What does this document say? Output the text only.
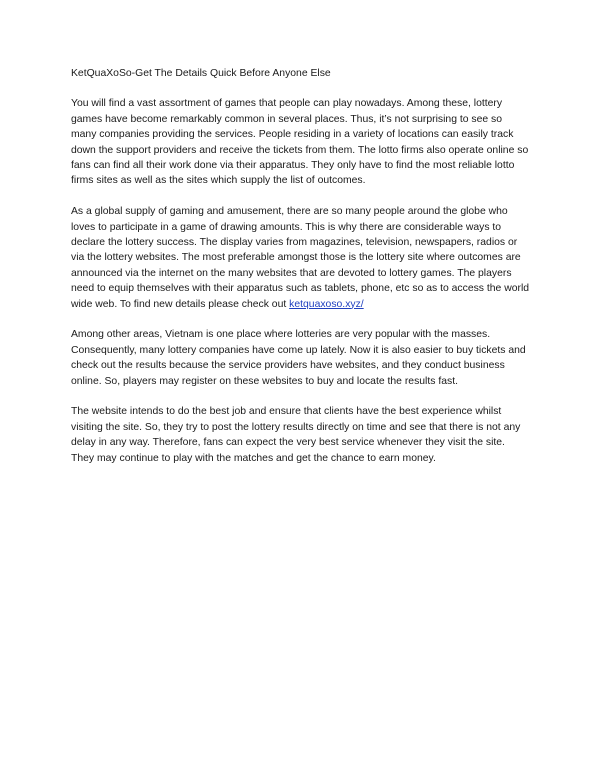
KetQuaXoSo-Get The Details Quick Before Anyone Else

You will find a vast assortment of games that people can play nowadays. Among these, lottery games have become remarkably common in several places. Thus, it’s not surprising to see so many companies providing the services. People residing in a variety of locations can easily track down the support providers and receive the tickets from them. The lotto firms also operate online so fans can find all their work done via their apparatus. They only have to find the most reliable lotto firms sites as well as the sites which supply the list of outcomes.

As a global supply of gaming and amusement, there are so many people around the globe who loves to participate in a game of drawing amounts. This is why there are considerable ways to declare the lottery success. The display varies from magazines, television, newspapers, radios or via the lottery websites. The most preferable amongst those is the lottery site where outcomes are announced via the internet on the many websites that are devoted to lottery games. The players need to equip themselves with their apparatus such as tablets, phone, etc so as to access the world wide web. To find new details please check out ketquaxoso.xyz/

Among other areas, Vietnam is one place where lotteries are very popular with the masses. Consequently, many lottery companies have come up lately. Now it is also easier to buy tickets and check out the results because the service providers have websites, and they conduct business online. So, players may register on these websites to buy and locate the results fast.

The website intends to do the best job and ensure that clients have the best experience whilst visiting the site. So, they try to post the lottery results directly on time and see that there is not any delay in any way. Therefore, fans can expect the very best service whenever they visit the site. They may continue to play with the matches and get the chance to earn money.
